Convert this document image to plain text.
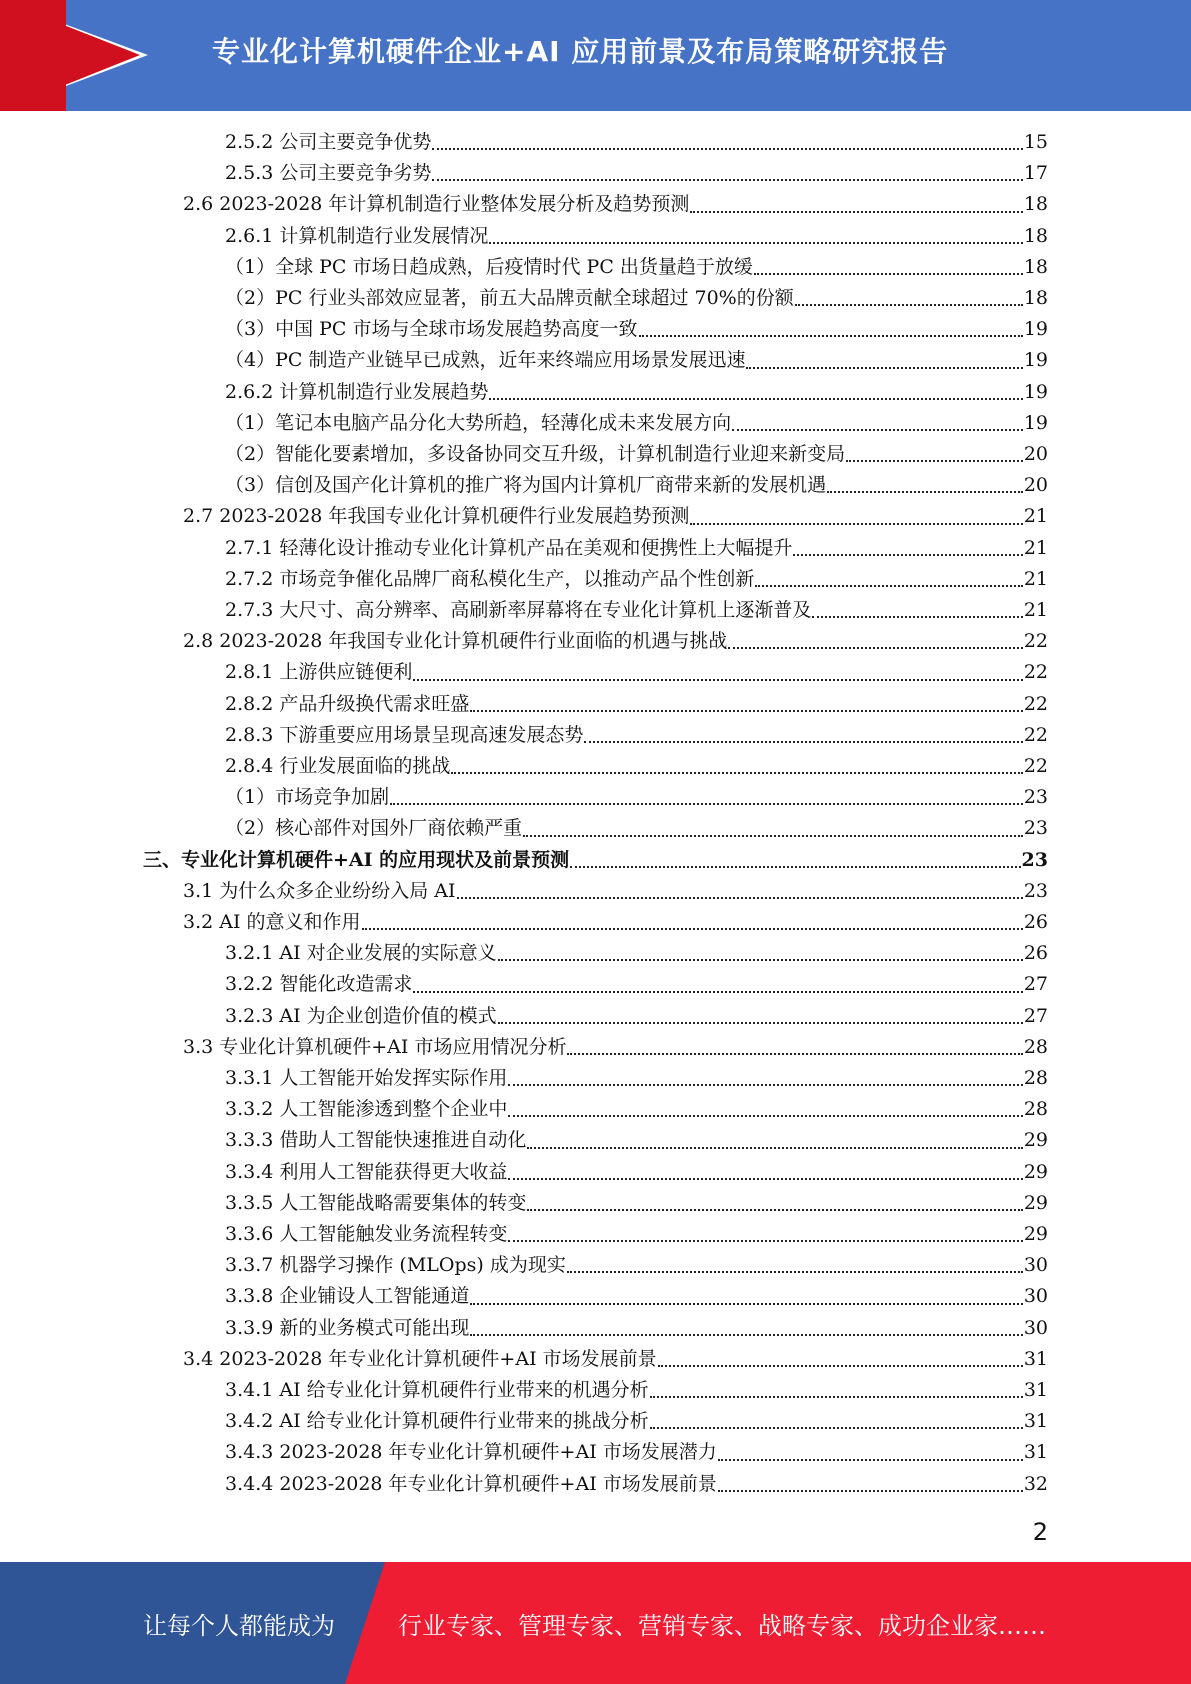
专业化计算机硬件企业+AI 应用前景及布局策略研究报告
2.5.2 公司主要竞争优势	15
2.5.3 公司主要竞争劣势	17
2.6 2023-2028 年计算机制造行业整体发展分析及趋势预测	18
2.6.1 计算机制造行业发展情况	18
（1）全球 PC 市场日趋成熟，后疫情时代 PC 出货量趋于放缓	18
（2）PC 行业头部效应显著，前五大品牌贡献全球超过 70%的份额	18
（3）中国 PC 市场与全球市场发展趋势高度一致	19
（4）PC 制造产业链早已成熟，近年来终端应用场景发展迅速	19
2.6.2 计算机制造行业发展趋势	19
（1）笔记本电脑产品分化大势所趋，轻薄化成未来发展方向	19
（2）智能化要素增加，多设备协同交互升级，计算机制造行业迎来新变局	20
（3）信创及国产化计算机的推广将为国内计算机厂商带来新的发展机遇	20
2.7 2023-2028 年我国专业化计算机硬件行业发展趋势预测	21
2.7.1 轻薄化设计推动专业化计算机产品在美观和便携性上大幅提升	21
2.7.2 市场竞争催化品牌厂商私模化生产，以推动产品个性创新	21
2.7.3 大尺寸、高分辨率、高刷新率屏幕将在专业化计算机上逐渐普及	21
2.8 2023-2028 年我国专业化计算机硬件行业面临的机遇与挑战	22
2.8.1 上游供应链便利	22
2.8.2 产品升级换代需求旺盛	22
2.8.3 下游重要应用场景呈现高速发展态势	22
2.8.4 行业发展面临的挑战	22
（1）市场竞争加剧	23
（2）核心部件对国外厂商依赖严重	23
三、专业化计算机硬件+AI 的应用现状及前景预测	23
3.1 为什么众多企业纷纷入局 AI	23
3.2 AI 的意义和作用	26
3.2.1 AI 对企业发展的实际意义	26
3.2.2 智能化改造需求	27
3.2.3 AI 为企业创造价值的模式	27
3.3 专业化计算机硬件+AI 市场应用情况分析	28
3.3.1 人工智能开始发挥实际作用	28
3.3.2 人工智能渗透到整个企业中	28
3.3.3 借助人工智能快速推进自动化	29
3.3.4 利用人工智能获得更大收益	29
3.3.5 人工智能战略需要集体的转变	29
3.3.6 人工智能触发业务流程转变	29
3.3.7 机器学习操作 (MLOps) 成为现实	30
3.3.8 企业铺设人工智能通道	30
3.3.9 新的业务模式可能出现	30
3.4 2023-2028 年专业化计算机硬件+AI 市场发展前景	31
3.4.1 AI 给专业化计算机硬件行业带来的机遇分析	31
3.4.2 AI 给专业化计算机硬件行业带来的挑战分析	31
3.4.3 2023-2028 年专业化计算机硬件+AI 市场发展潜力	31
3.4.4 2023-2028 年专业化计算机硬件+AI 市场发展前景	32
2
让每个人都能成为	行业专家、管理专家、营销专家、战略专家、成功企业家……
